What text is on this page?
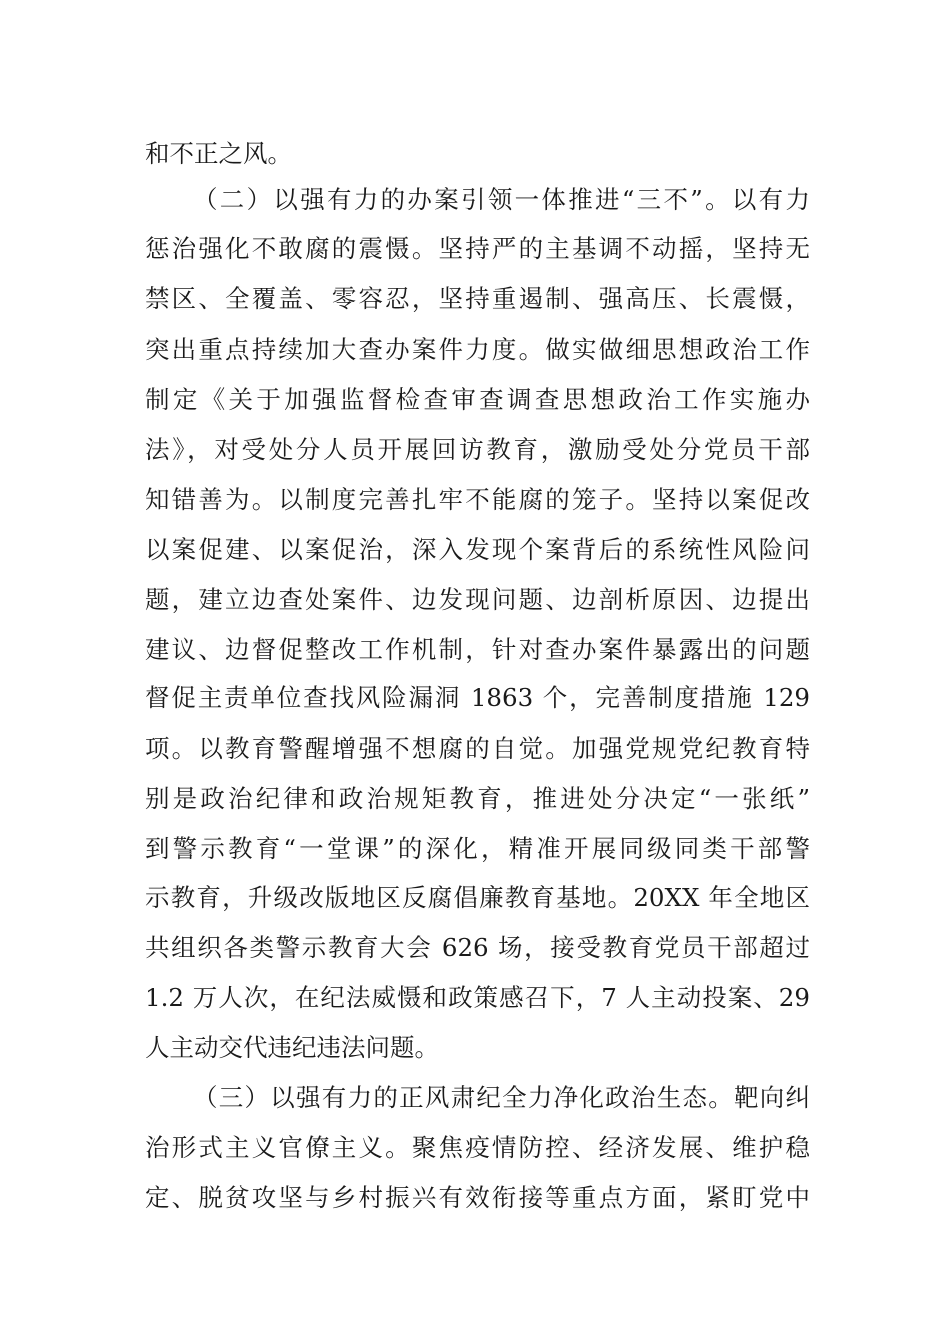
和不正之风。
（二）以强有力的办案引领一体推进“三不”。以有力
惩治强化不敢腐的震慑。坚持严的主基调不动摇，坚持无
禁区、全覆盖、零容忍，坚持重遏制、强高压、长震慑，
突出重点持续加大查办案件力度。做实做细思想政治工作
制定《关于加强监督检查审查调查思想政治工作实施办
法》，对受处分人员开展回访教育，激励受处分党员干部
知错善为。以制度完善扎牢不能腐的笼子。坚持以案促改
以案促建、以案促治，深入发现个案背后的系统性风险问
题，建立边查处案件、边发现问题、边剖析原因、边提出
建议、边督促整改工作机制，针对查办案件暴露出的问题
督促主责单位查找风险漏洞 1863 个，完善制度措施 129
项。以教育警醒增强不想腐的自觉。加强党规党纪教育特
别是政治纪律和政治规矩教育，推进处分决定“一张纸”
到警示教育“一堂课”的深化，精准开展同级同类干部警
示教育，升级改版地区反腐倡廉教育基地。20XX 年全地区
共组织各类警示教育大会 626 场，接受教育党员干部超过
1.2 万人次，在纪法威慑和政策感召下，7 人主动投案、29
人主动交代违纪违法问题。
（三）以强有力的正风肃纪全力净化政治生态。靶向纠
治形式主义官僚主义。聚焦疫情防控、经济发展、维护稳
定、脱贫攻坚与乡村振兴有效衔接等重点方面，紧盯党中
